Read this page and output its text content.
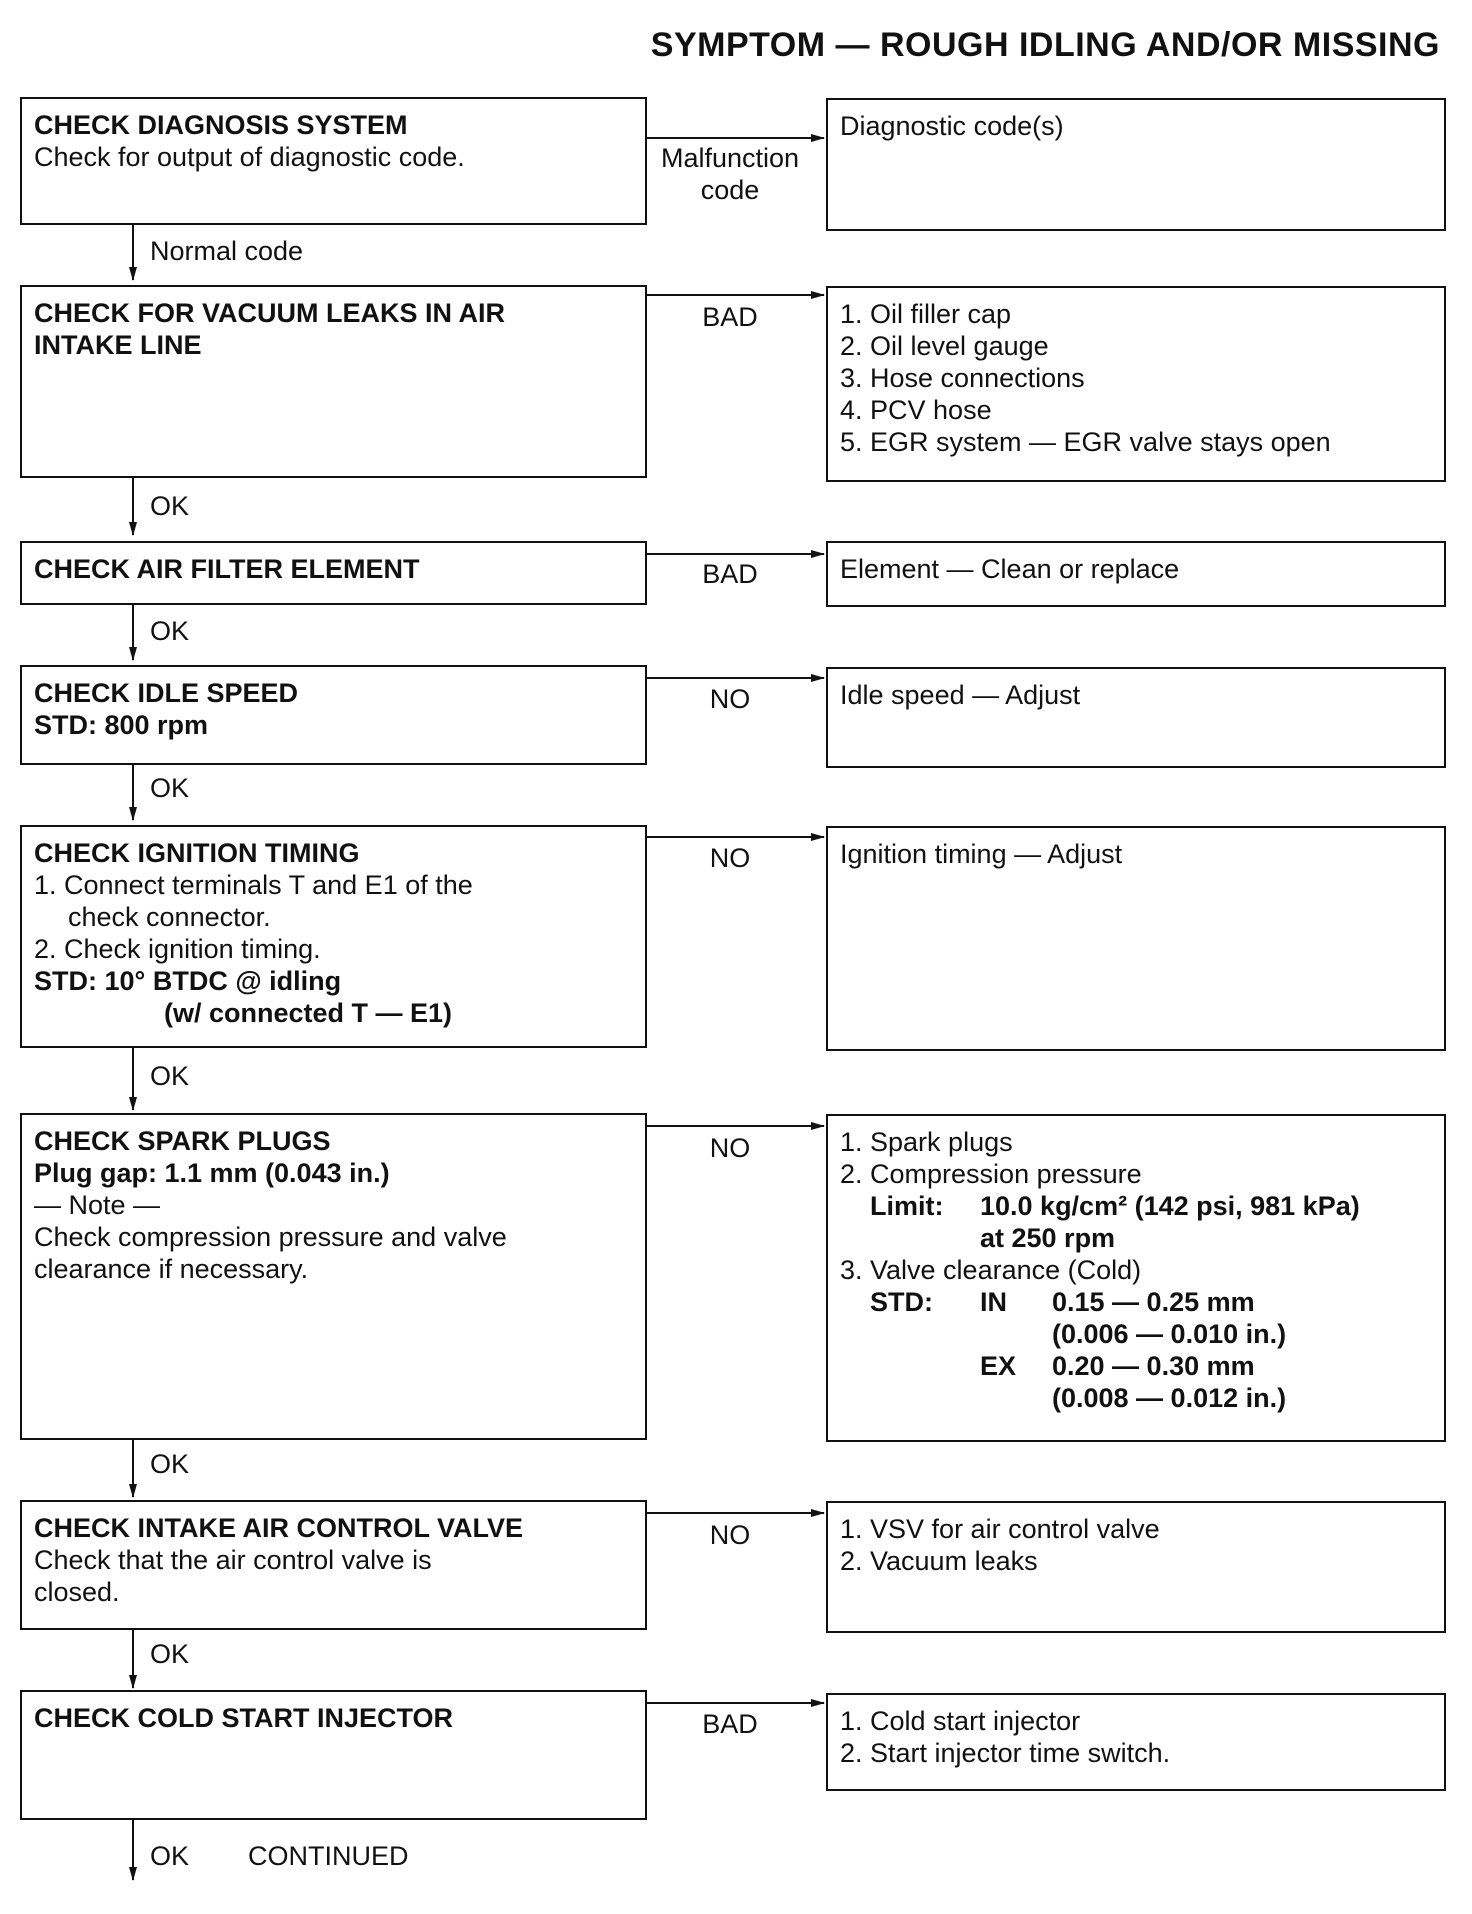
SYMPTOM — ROUGH IDLING AND/OR MISSING
CHECK DIAGNOSIS SYSTEM
Check for output of diagnostic code.	Malfunction code
Diagnostic code(s)
Normal code
CHECK FOR VACUUM LEAKS IN AIR INTAKE LINE
BAD	1. Oil filler cap
2. Oil level gauge
3. Hose connections
4. PCV hose
5. EGR system — EGR valve stays open
OK
CHECK AIR FILTER ELEMENT	BAD	Element — Clean or replace
OK
CHECK IDLE SPEED
STD: 800 rpm
NO	Idle speed — Adjust
OK
CHECK IGNITION TIMING
1. Connect terminals T and E1 of the
check connector.
2. Check ignition timing.
STD: 10° BTDC @ idling
(w/ connected T — E1)
NO	Ignition timing — Adjust
OK
CHECK SPARK PLUGS
Plug gap: 1.1 mm (0.043 in.)
— Note —
Check compression pressure and valve
clearance if necessary.
NO	1. Spark plugs
2. Compression pressure
Limit:	10.0 kg/cm² (142 psi, 981 kPa)
	at 250 rpm
3. Valve clearance (Cold)
STD:	IN	0.15 — 0.25 mm
		(0.006 — 0.010 in.)
	EX	0.20 — 0.30 mm
		(0.008 — 0.012 in.)
OK
CHECK INTAKE AIR CONTROL VALVE
Check that the air control valve is
closed.
NO	1. VSV for air control valve
2. Vacuum leaks
OK
CHECK COLD START INJECTOR	BAD	1. Cold start injector
2. Start injector time switch.
OK CONTINUED
